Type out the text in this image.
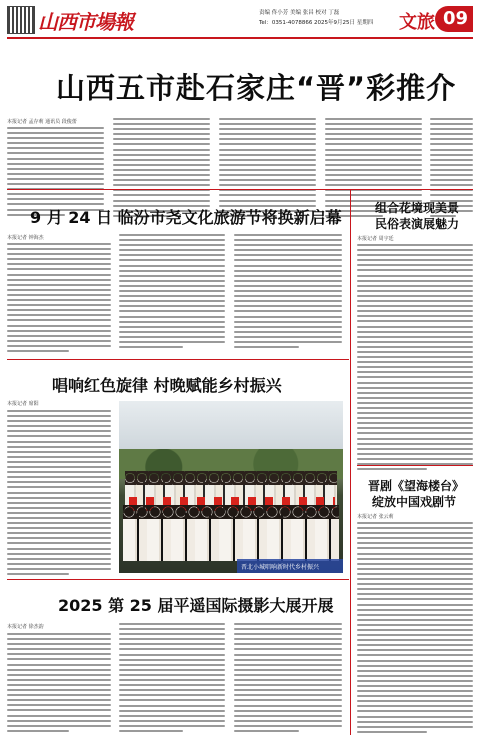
山西市場報	责编 佟小芳 美编 张昌 校对 丁磊
Tel：0351-4078866 2025年9月25日 星期四 文旅 09
山西五市赴石家庄“晋”彩推介
本报记者 孟存莉 通讯员 段俊蕾
组合花境现美景
民俗表演展魅力
本报记者 周宇廷
晋剧《望海楼台》
绽放中国戏剧节
本报记者 张云莉
9 月 24 日 临汾市尧文化旅游节将换新启幕
本报记者 钟海杰
唱响红色旋律 村晚赋能乡村振兴
本报记者 席阳
晋北小城唱响新时代乡村振兴
2025 第 25 届平遥国际摄影大展开展
本报记者 徐杰韵
